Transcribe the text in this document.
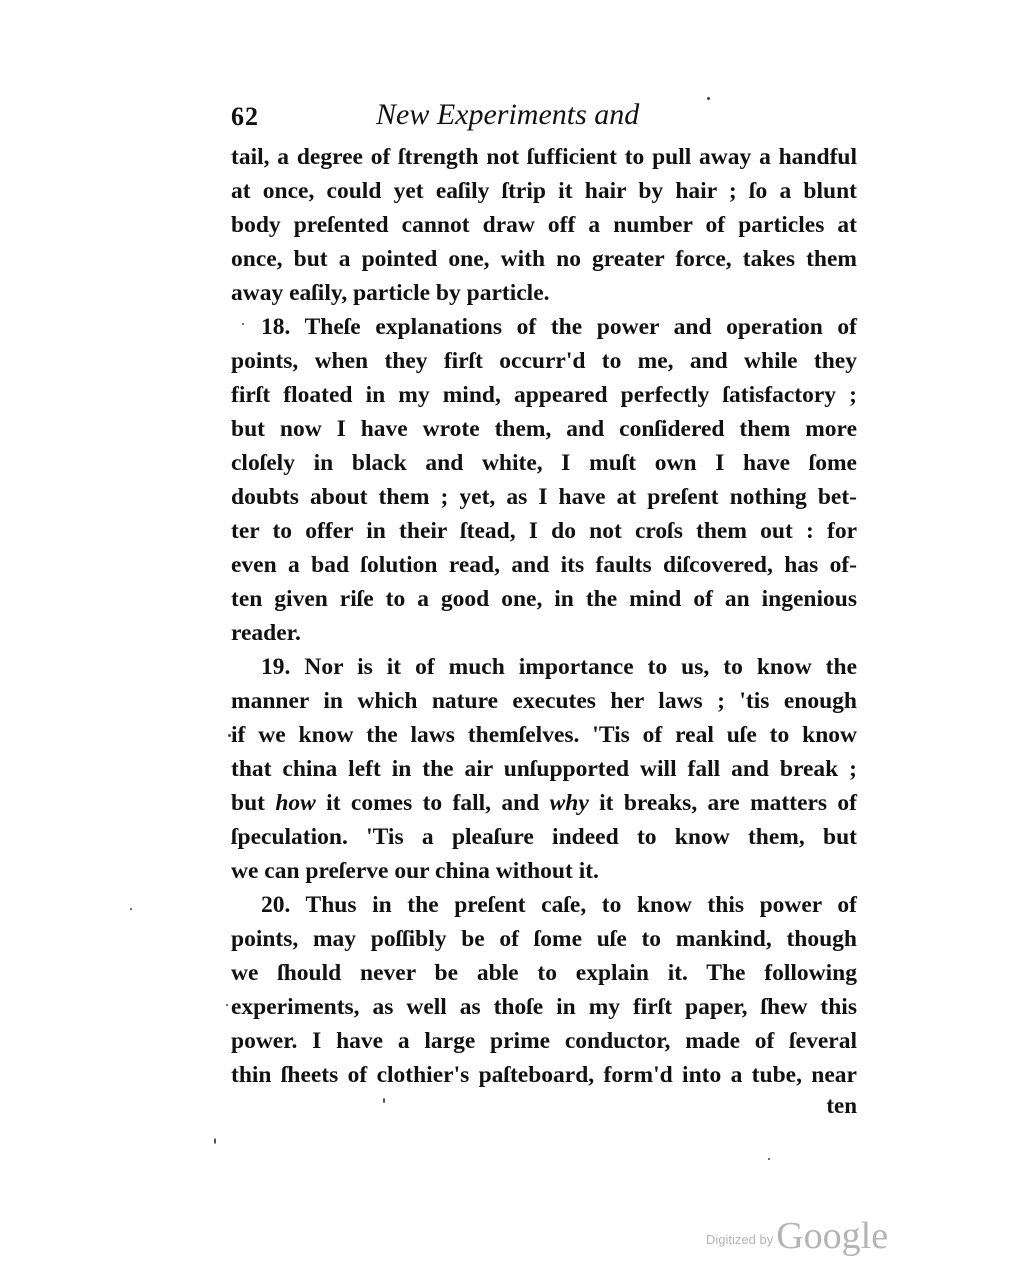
62	New Experiments and
tail, a degree of ſtrength not ſufficient to pull away a handful
at once, could yet eaſily ſtrip it hair by hair ; ſo a blunt
body preſented cannot draw off a number of particles at
once, but a pointed one, with no greater force, takes them
away eaſily, particle by particle.
18. Theſe explanations of the power and operation of
points, when they firſt occurr'd to me, and while they
firſt floated in my mind, appeared perfectly ſatisfactory ;
but now I have wrote them, and conſidered them more
cloſely in black and white, I muſt own I have ſome
doubts about them ; yet, as I have at preſent nothing bet-
ter to offer in their ſtead, I do not croſs them out : for
even a bad ſolution read, and its faults diſcovered, has of-
ten given riſe to a good one, in the mind of an ingenious
reader.
19. Nor is it of much importance to us, to know the
manner in which nature executes her laws ; 'tis enough
if we know the laws themſelves. 'Tis of real uſe to know
that china left in the air unſupported will fall and break ;
but how it comes to fall, and why it breaks, are matters of
ſpeculation. 'Tis a pleaſure indeed to know them, but
we can preſerve our china without it.
20. Thus in the preſent caſe, to know this power of
points, may poſſibly be of ſome uſe to mankind, though
we ſhould never be able to explain it. The following
experiments, as well as thoſe in my firſt paper, ſhew this
power. I have a large prime conductor, made of ſeveral
thin ſheets of clothier's paſteboard, form'd into a tube, near
ten
Digitized byGoogle
